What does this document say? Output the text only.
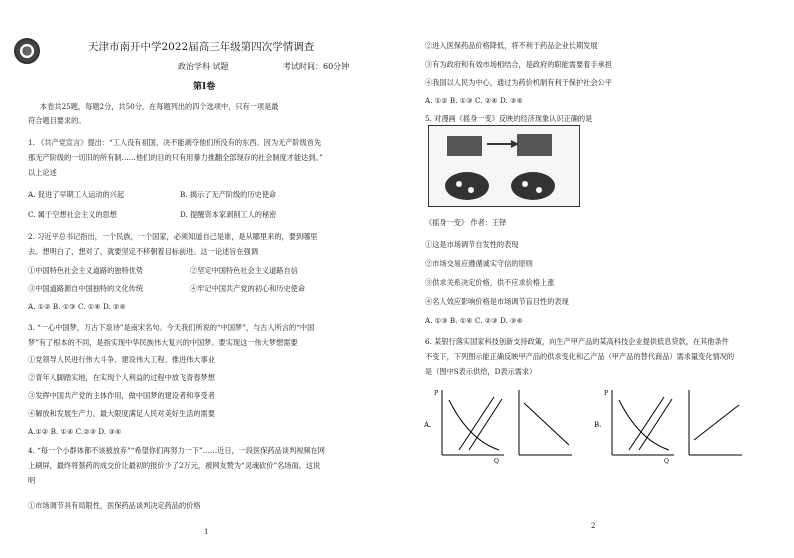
天津市南开中学2022届高三年级第四次学情调查
政治学科 试题	考试时间：60分钟
第Ⅰ卷
本卷共25题，每题2分，共50分，在每题列出的四个选项中，只有一项是最
符合题目要求的。
1. 《共产党宣言》提出：“工人没有祖国，决不能剥夺他们所没有的东西。因为无产阶级首先
那无产阶级的一切旧的所有制……他们的目的只有用暴力推翻全部现存的社会制度才能达到。”
以上论述
A. 促进了早期工人运动的兴起	B. 揭示了无产阶级的历史使命
C. 属于空想社会主义的思想	D. 提醒资本家剥削工人的秘密
2. 习近平总书记指出，一个民族，一个国家，必须知道自己是谁，是从哪里来的，要到哪里
去。想明白了，想对了，就要坚定不移朝着目标前进。这一论述旨在强调
①中国特色社会主义道路的独特优势	②坚定中国特色社会主义道路自信
③中国道路源自中国独特的文化传统	④牢记中国共产党的初心和历史使命
A. ①② B. ①③ C. ①④ D. ②④
3. “一心中国梦，万古下泉诗”是南宋名句。今天我们所说的“中国梦”，与古人所言的“中国
梦”有了根本的不同，是指实现中华民族伟大复兴的中国梦。要实现这一伟大梦想需要
①党领导人民进行伟大斗争、建设伟大工程、推进伟大事业
②青年人脚踏实地，在实现个人利益的过程中放飞青春梦想
③发挥中国共产党的主体作用，做中国梦的建设者和享受者
④解放和发展生产力，最大限度满足人民对美好生活的需要
A.①② B. ①④ C.②③ D. ③④
4. “每一个小群体都不该被放弃”“希望你们再努力一下”……近日，一段医保药品谈判视频在网
上刷屏，最终将蔡药的成交价让最初的报价少了2万元，被网友赞为“灵魂砍价”名场面。这说
明
①市场调节具有局限性，医保药品谈判决定药品的价格
1
②进入医保药品价格降低，将不利于药品企业长期发展
③有为政府和有效市场相结合，是政府的职能需要着手承担
④我国以人民为中心，通过为药价机制有利于保护社会公平
A. ①② B. ①③ C. ②④ D. ③④
5. 对漫画《摇身一变》反映的经济现象认识正确的是
《摇身一变》 作者：王铎
①这是市场调节自发性的表现
②市场交易应遵循诚实守信的原则
③供求关系决定价格，供不应求价格上涨
④名人效应影响价格是市场调节盲目性的表现
A. ①③ B. ①④ C. ②③ D. ③④
6. 某银行落实国家科技创新支持政策，向生产甲产品的某高科技企业提供低息贷款，在其他条件
不变下，下列图示能正确反映甲产品的供求变化和乙产品（甲产品的替代商品）需求量变化情况的
是（图中S表示供给，D表示需求）
2
A.
P
Q
B.
P
Q
